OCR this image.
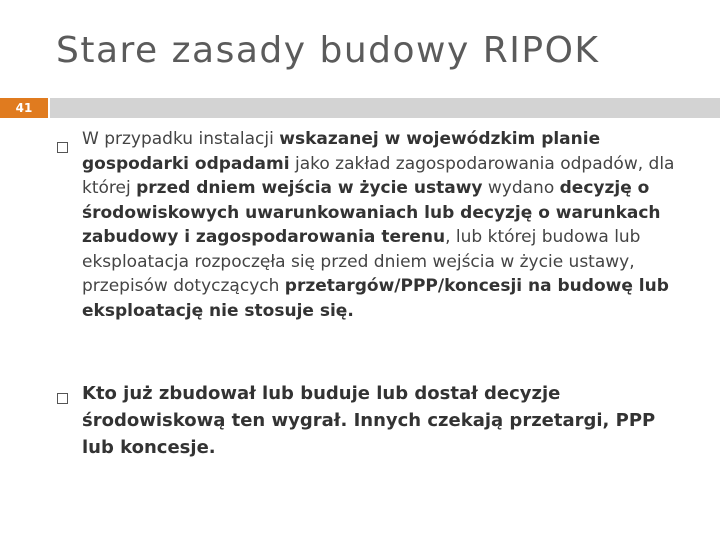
Stare zasady budowy RIPOK
41
W przypadku instalacji wskazanej w wojewódzkim planie gospodarki odpadami jako zakład zagospodarowania odpadów, dla której przed dniem wejścia w życie ustawy wydano decyzję o środowiskowych uwarunkowaniach lub decyzję o warunkach zabudowy i zagospodarowania terenu, lub której budowa lub eksploatacja rozpoczęła się przed dniem wejścia w życie ustawy, przepisów dotyczących przetargów/PPP/koncesji na budowę lub eksploatację nie stosuje się.
Kto już zbudował lub buduje lub dostał decyzje środowiskową ten wygrał. Innych czekają przetargi, PPP lub koncesje.
